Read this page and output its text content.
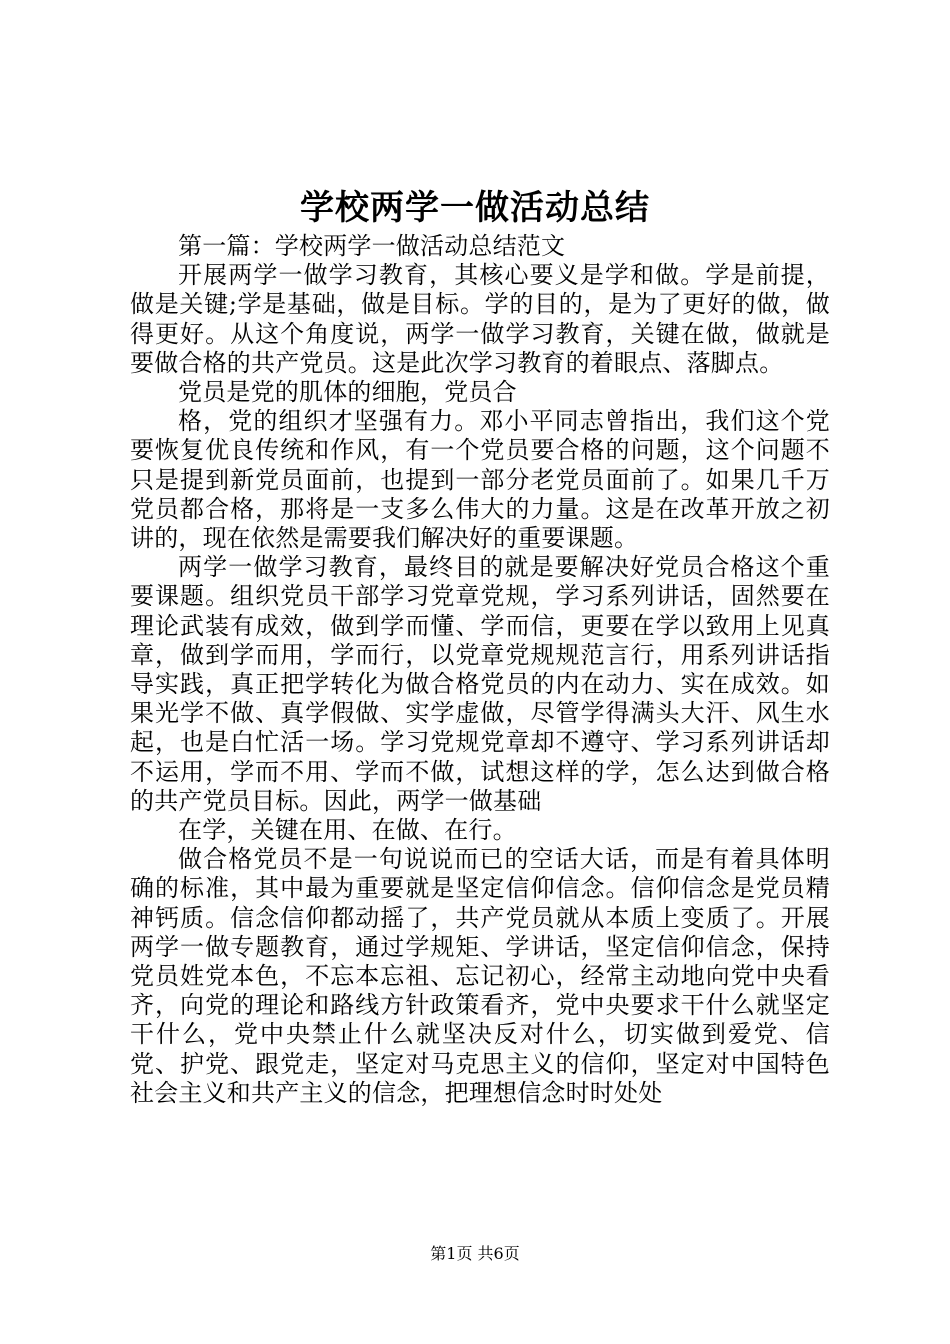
学校两学一做活动总结

第一篇：学校两学一做活动总结范文

开展两学一做学习教育，其核心要义是学和做。学是前提，做是关键;学是基础，做是目标。学的目的，是为了更好的做，做得更好。从这个角度说，两学一做学习教育，关键在做，做就是要做合格的共产党员。这是此次学习教育的着眼点、落脚点。

党员是党的肌体的细胞，党员合

格，党的组织才坚强有力。邓小平同志曾指出，我们这个党要恢复优良传统和作风，有一个党员要合格的问题，这个问题不只是提到新党员面前，也提到一部分老党员面前了。如果几千万党员都合格，那将是一支多么伟大的力量。这是在改革开放之初讲的，现在依然是需要我们解决好的重要课题。

两学一做学习教育，最终目的就是要解决好党员合格这个重要课题。组织党员干部学习党章党规，学习系列讲话，固然要在理论武装有成效，做到学而懂、学而信，更要在学以致用上见真章，做到学而用，学而行，以党章党规规范言行，用系列讲话指导实践，真正把学转化为做合格党员的内在动力、实在成效。如果光学不做、真学假做、实学虚做，尽管学得满头大汗、风生水起，也是白忙活一场。学习党规党章却不遵守、学习系列讲话却不运用，学而不用、学而不做，试想这样的学，怎么达到做合格的共产党员目标。因此，两学一做基础

在学，关键在用、在做、在行。

做合格党员不是一句说说而已的空话大话，而是有着具体明确的标准，其中最为重要就是坚定信仰信念。信仰信念是党员精神钙质。信念信仰都动摇了，共产党员就从本质上变质了。开展两学一做专题教育，通过学规矩、学讲话，坚定信仰信念，保持党员姓党本色，不忘本忘祖、忘记初心，经常主动地向党中央看齐，向党的理论和路线方针政策看齐，党中央要求干什么就坚定干什么，党中央禁止什么就坚决反对什么，切实做到爱党、信党、护党、跟党走，坚定对马克思主义的信仰，坚定对中国特色社会主义和共产主义的信念，把理想信念时时处处

第1页 共6页
